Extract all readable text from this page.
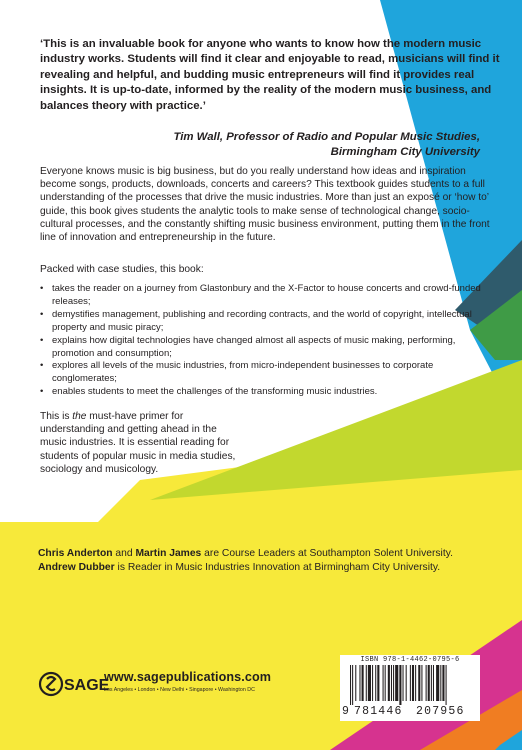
‘This is an invaluable book for anyone who wants to know how the modern music industry works. Students will find it clear and enjoyable to read, musicians will find it revealing and helpful, and budding music entrepreneurs will find it provides real insights. It is up-to-date, informed by the reality of the modern music business, and balances theory with practice.’
Tim Wall, Professor of Radio and Popular Music Studies,
Birmingham City University

Everyone knows music is big business, but do you really understand how ideas and inspiration become songs, products, downloads, concerts and careers? This textbook guides students to a full understanding of the processes that drive the music industries. More than just an exposé or ‘how to’ guide, this book gives students the analytic tools to make sense of technological change, socio-cultural processes, and the constantly shifting music business environment, putting them in the front line of innovation and entrepreneurship in the future.

Packed with case studies, this book:

• takes the reader on a journey from Glastonbury and the X-Factor to house concerts and crowd-funded releases;
• demystifies management, publishing and recording contracts, and the world of copyright, intellectual property and music piracy;
• explains how digital technologies have changed almost all aspects of music making, performing, promotion and consumption;
• explores all levels of the music industries, from micro-independent businesses to corporate conglomerates;
• enables students to meet the challenges of the transforming music industries.

This is the must-have primer for understanding and getting ahead in the music industries. It is essential reading for students of popular music in media studies, sociology and musicology.

Chris Anderton and Martin James are Course Leaders at Southampton Solent University.
Andrew Dubber is Reader in Music Industries Innovation at Birmingham City University.
SAGE
www.sagepublications.com
Los Angeles • London • New Delhi • Singapore • Washington DC
ISBN 978-1-4462-0795-6
9 781446	207956
